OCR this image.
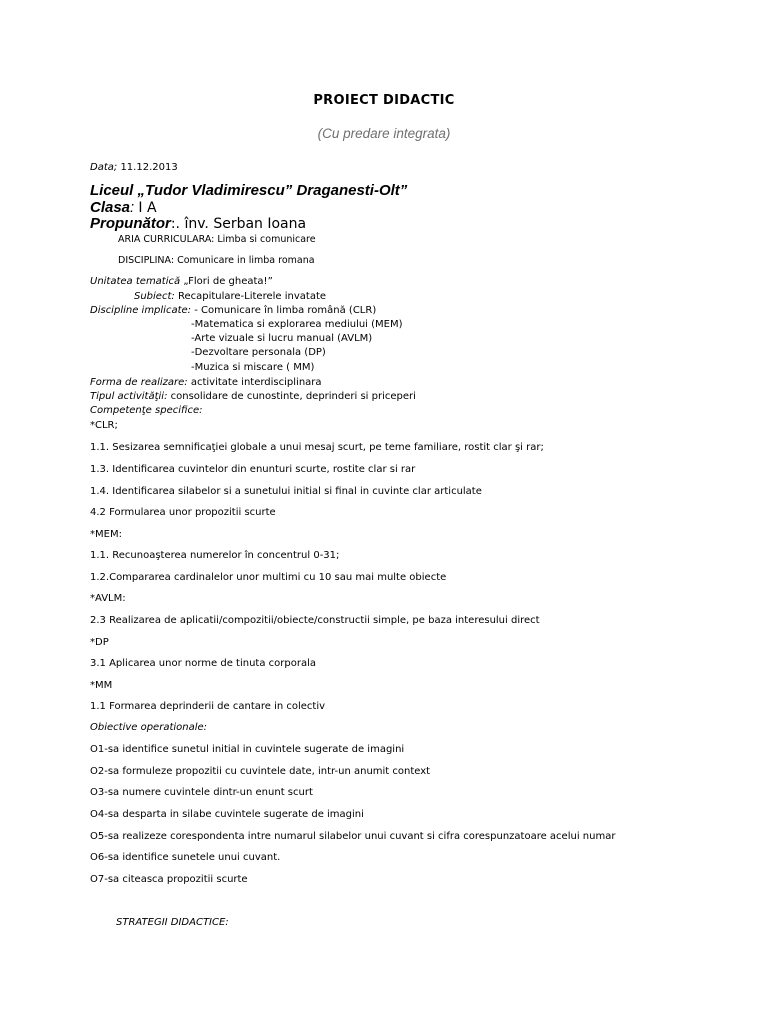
PROIECT DIDACTIC
(Cu predare integrata)
Data; 11.12.2013
Liceul „Tudor Vladimirescu” Draganesti-Olt”
Clasa: I A
Propunător:. înv. Serban Ioana
ARIA CURRICULARA: Limba si comunicare
DISCIPLINA: Comunicare in limba romana
Unitatea tematică „Flori de gheata!”
Subiect: Recapitulare-Literele invatate
Discipline implicate: - Comunicare în limba română (CLR)
-Matematica si explorarea mediului (MEM)
-Arte vizuale si lucru manual (AVLM)
-Dezvoltare personala (DP)
-Muzica si miscare ( MM)
Forma de realizare: activitate interdisciplinara
Tipul activităţii: consolidare de cunostinte, deprinderi si priceperi
Competenţe specifice:
*CLR;
1.1. Sesizarea semnificaţiei globale a unui mesaj scurt, pe teme familiare, rostit clar şi rar;
1.3. Identificarea cuvintelor din enunturi scurte, rostite clar si rar
1.4. Identificarea silabelor si a sunetului initial si final in cuvinte clar articulate
4.2 Formularea unor propozitii scurte
*MEM:
1.1. Recunoaşterea numerelor în concentrul 0-31;
1.2.Compararea cardinalelor unor multimi cu 10 sau mai multe obiecte
*AVLM:
2.3 Realizarea de aplicatii/compozitii/obiecte/constructii simple, pe baza interesului direct
*DP
3.1 Aplicarea unor norme de tinuta corporala
*MM
1.1 Formarea deprinderii de cantare in colectiv
Obiective operationale:
O1-sa identifice sunetul initial in cuvintele sugerate de imagini
O2-sa formuleze propozitii cu cuvintele date, intr-un anumit context
O3-sa numere cuvintele dintr-un enunt scurt
O4-sa desparta in silabe cuvintele sugerate de imagini
O5-sa realizeze corespondenta intre numarul silabelor unui cuvant si cifra corespunzatoare acelui numar
O6-sa identifice sunetele unui cuvant.
O7-sa citeasca propozitii scurte
STRATEGII DIDACTICE:
